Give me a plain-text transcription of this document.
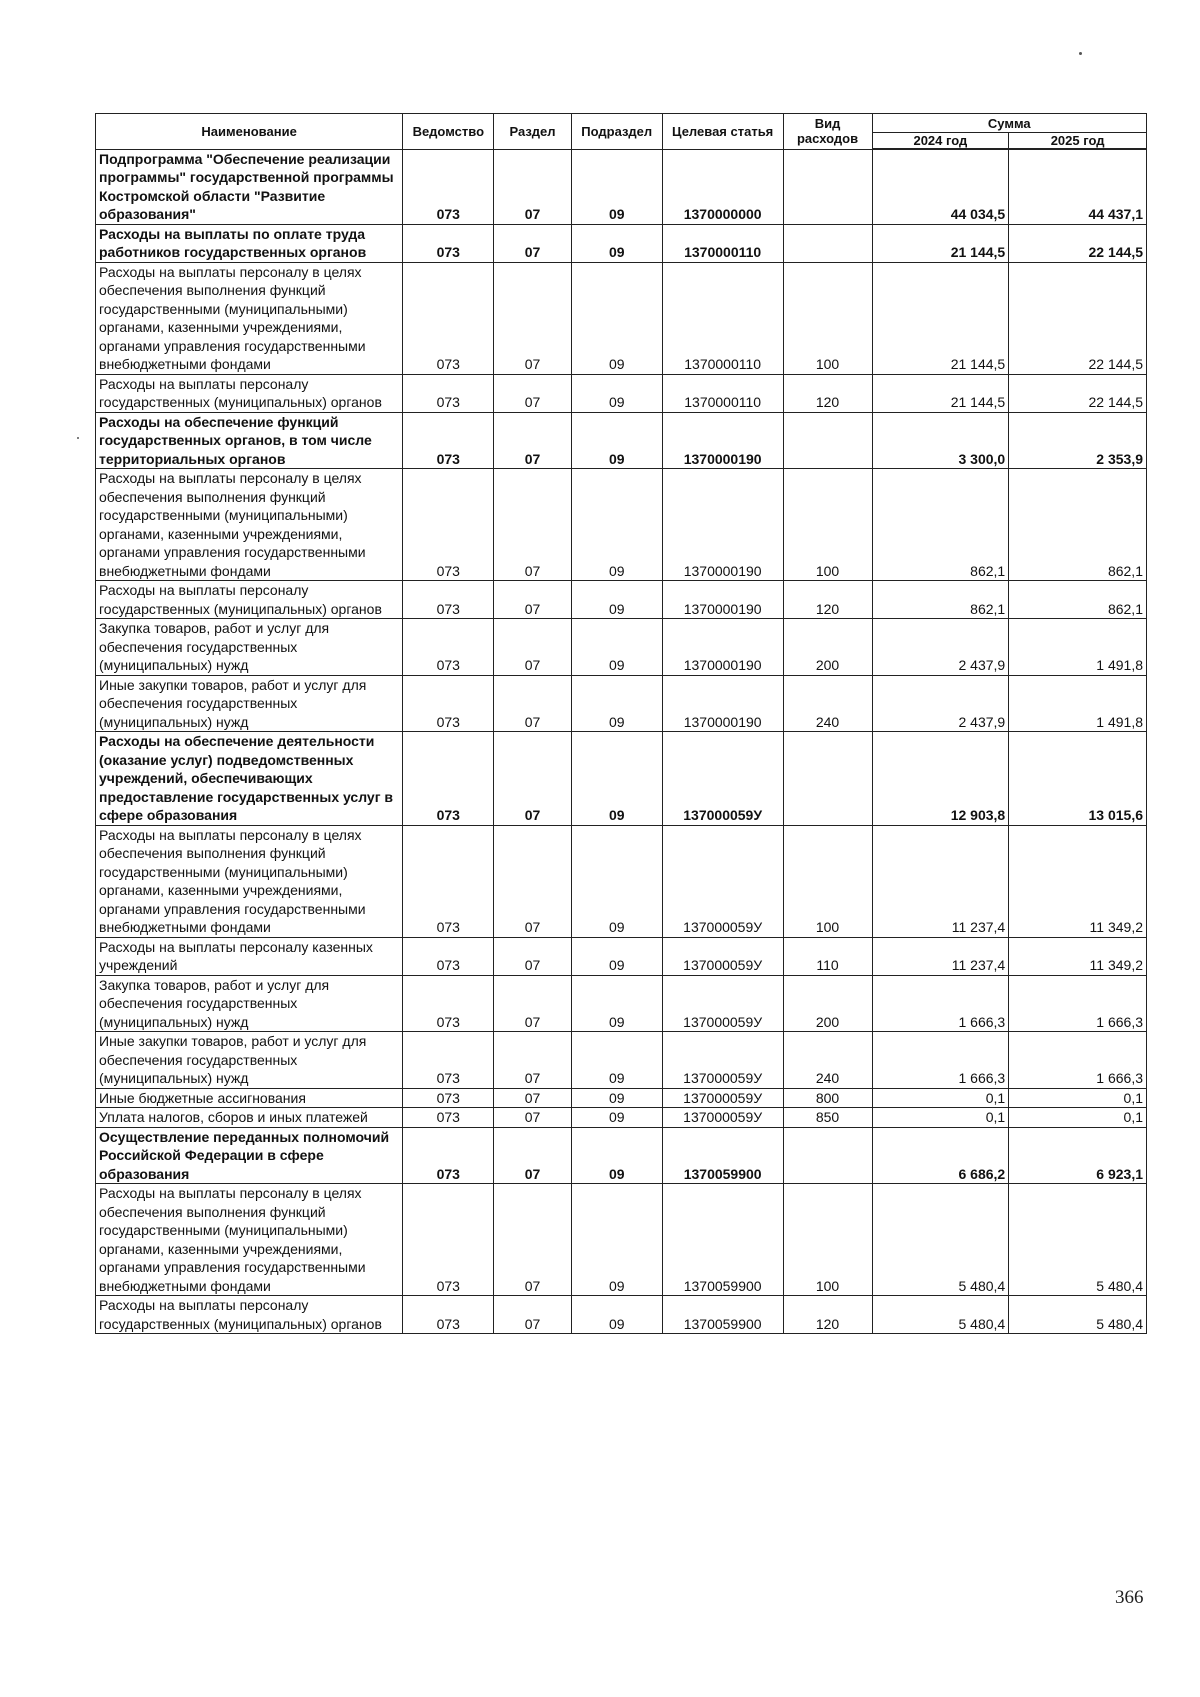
Наименование	Ведомство	Раздел	Подраздел	Целевая статья	Вид расходов	Сумма	
						2024 год	2025 год
Подпрограмма "Обеспечение реализации программы" государственной программы Костромской области "Развитие образования"	073	07	09	1370000000		44 034,5	44 437,1
Расходы на выплаты по оплате труда работников государственных органов	073	07	09	1370000110		21 144,5	22 144,5
Расходы на выплаты персоналу в целях обеспечения выполнения функций государственными (муниципальными) органами, казенными учреждениями, органами управления государственными внебюджетными фондами	073	07	09	1370000110	100	21 144,5	22 144,5
Расходы на выплаты персоналу государственных (муниципальных) органов	073	07	09	1370000110	120	21 144,5	22 144,5
Расходы на обеспечение функций государственных органов, в том числе территориальных органов	073	07	09	1370000190		3 300,0	2 353,9
Расходы на выплаты персоналу в целях обеспечения выполнения функций государственными (муниципальными) органами, казенными учреждениями, органами управления государственными внебюджетными фондами	073	07	09	1370000190	100	862,1	862,1
Расходы на выплаты персоналу государственных (муниципальных) органов	073	07	09	1370000190	120	862,1	862,1
Закупка товаров, работ и услуг для обеспечения государственных (муниципальных) нужд	073	07	09	1370000190	200	2 437,9	1 491,8
Иные закупки товаров, работ и услуг для обеспечения государственных (муниципальных) нужд	073	07	09	1370000190	240	2 437,9	1 491,8
Расходы на обеспечение деятельности (оказание услуг) подведомственных учреждений, обеспечивающих предоставление государственных услуг в сфере образования	073	07	09	137000059У		12 903,8	13 015,6
Расходы на выплаты персоналу в целях обеспечения выполнения функций государственными (муниципальными) органами, казенными учреждениями, органами управления государственными внебюджетными фондами	073	07	09	137000059У	100	11 237,4	11 349,2
Расходы на выплаты персоналу казенных учреждений	073	07	09	137000059У	110	11 237,4	11 349,2
Закупка товаров, работ и услуг для обеспечения государственных (муниципальных) нужд	073	07	09	137000059У	200	1 666,3	1 666,3
Иные закупки товаров, работ и услуг для обеспечения государственных (муниципальных) нужд	073	07	09	137000059У	240	1 666,3	1 666,3
Иные бюджетные ассигнования	073	07	09	137000059У	800	0,1	0,1
Уплата налогов, сборов и иных платежей	073	07	09	137000059У	850	0,1	0,1
Осуществление переданных полномочий Российской Федерации в сфере образования	073	07	09	1370059900		6 686,2	6 923,1
Расходы на выплаты персоналу в целях обеспечения выполнения функций государственными (муниципальными) органами, казенными учреждениями, органами управления государственными внебюджетными фондами	073	07	09	1370059900	100	5 480,4	5 480,4
Расходы на выплаты персоналу государственных (муниципальных) органов	073	07	09	1370059900	120	5 480,4	5 480,4
366
